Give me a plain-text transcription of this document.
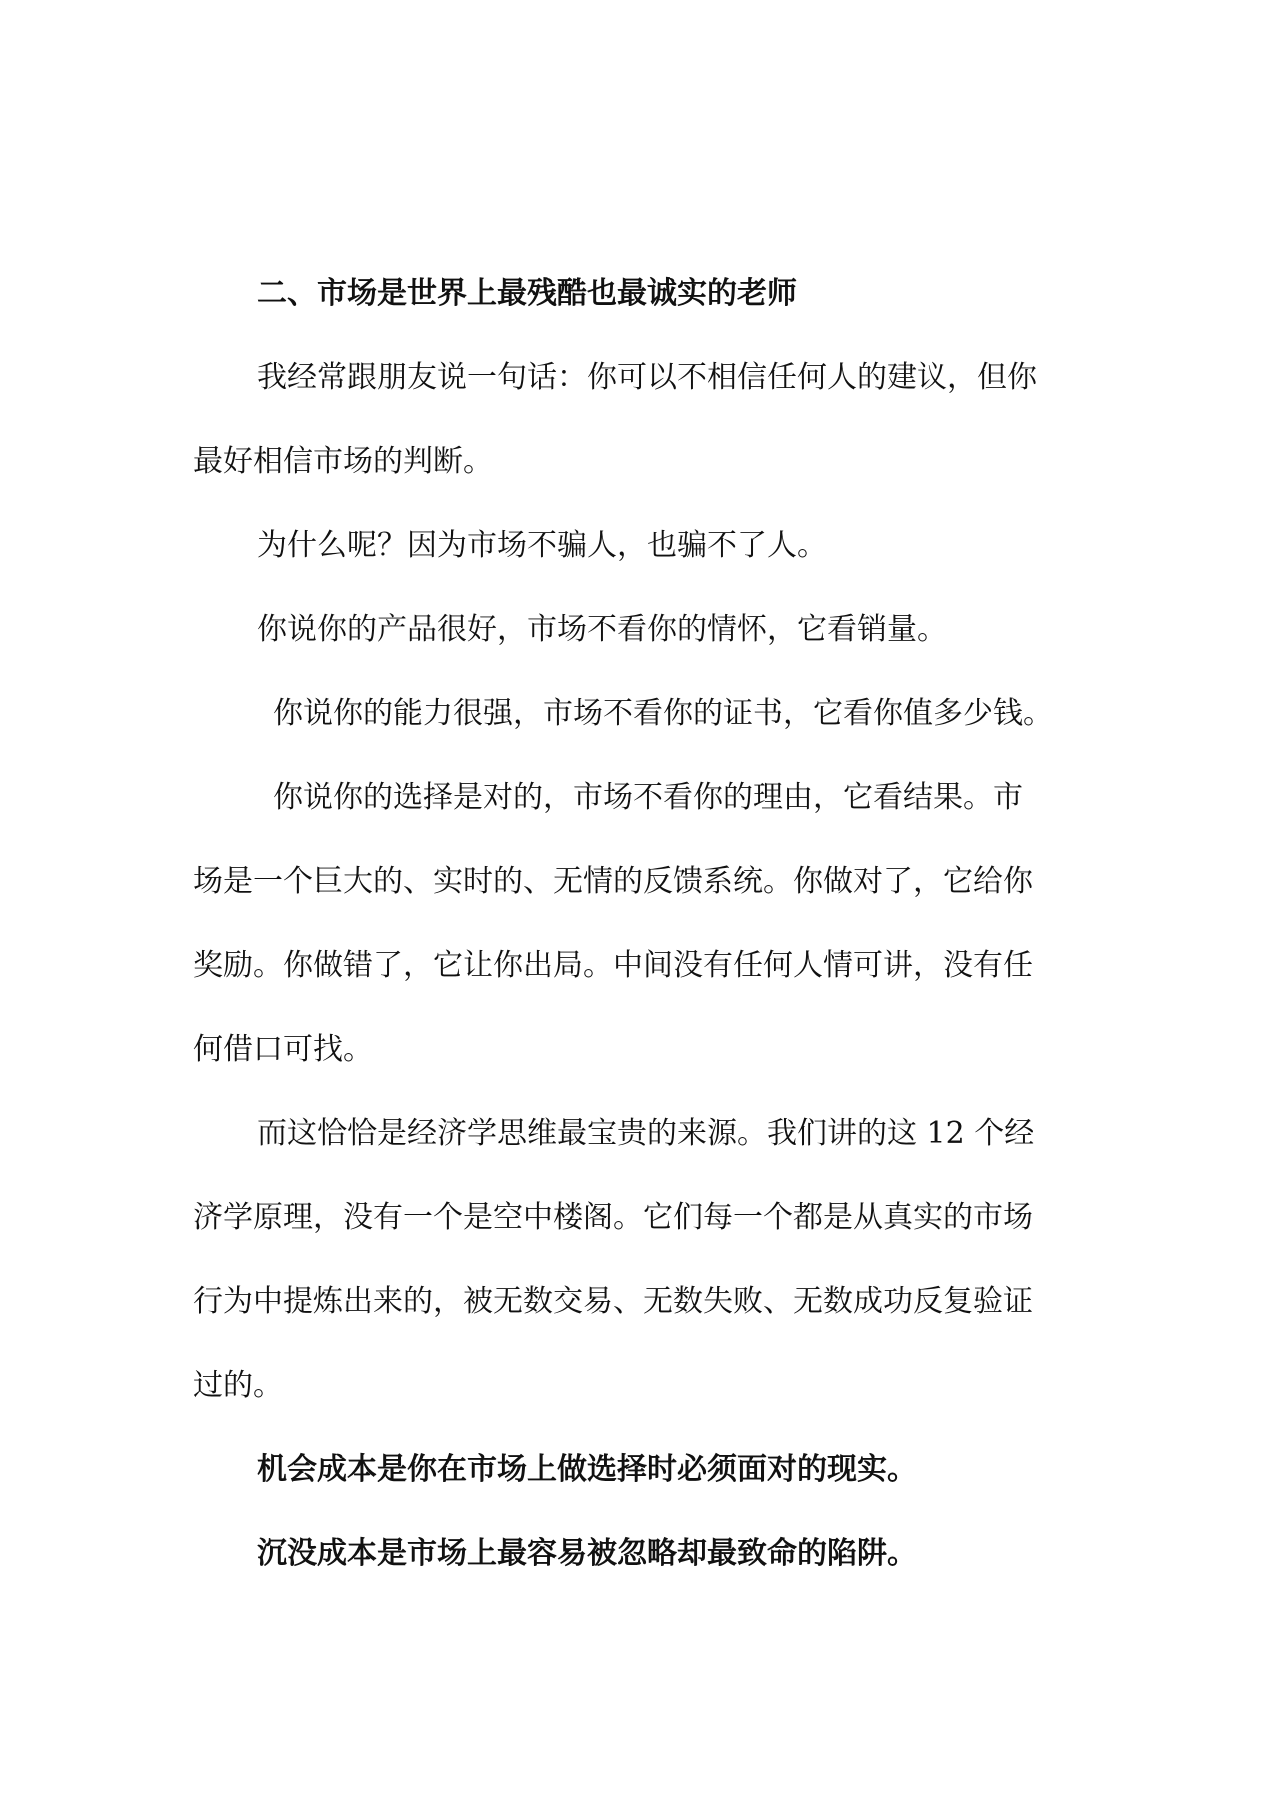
二、市场是世界上最残酷也最诚实的老师
我经常跟朋友说一句话：你可以不相信任何人的建议，但你
最好相信市场的判断。
为什么呢？因为市场不骗人，也骗不了人。
你说你的产品很好，市场不看你的情怀，它看销量。
你说你的能力很强，市场不看你的证书，它看你值多少钱。
你说你的选择是对的，市场不看你的理由，它看结果。市
场是一个巨大的、实时的、无情的反馈系统。你做对了，它给你
奖励。你做错了，它让你出局。中间没有任何人情可讲，没有任
何借口可找。
而这恰恰是经济学思维最宝贵的来源。我们讲的这 12 个经
济学原理，没有一个是空中楼阁。它们每一个都是从真实的市场
行为中提炼出来的，被无数交易、无数失败、无数成功反复验证
过的。
机会成本是你在市场上做选择时必须面对的现实。
沉没成本是市场上最容易被忽略却最致命的陷阱。
